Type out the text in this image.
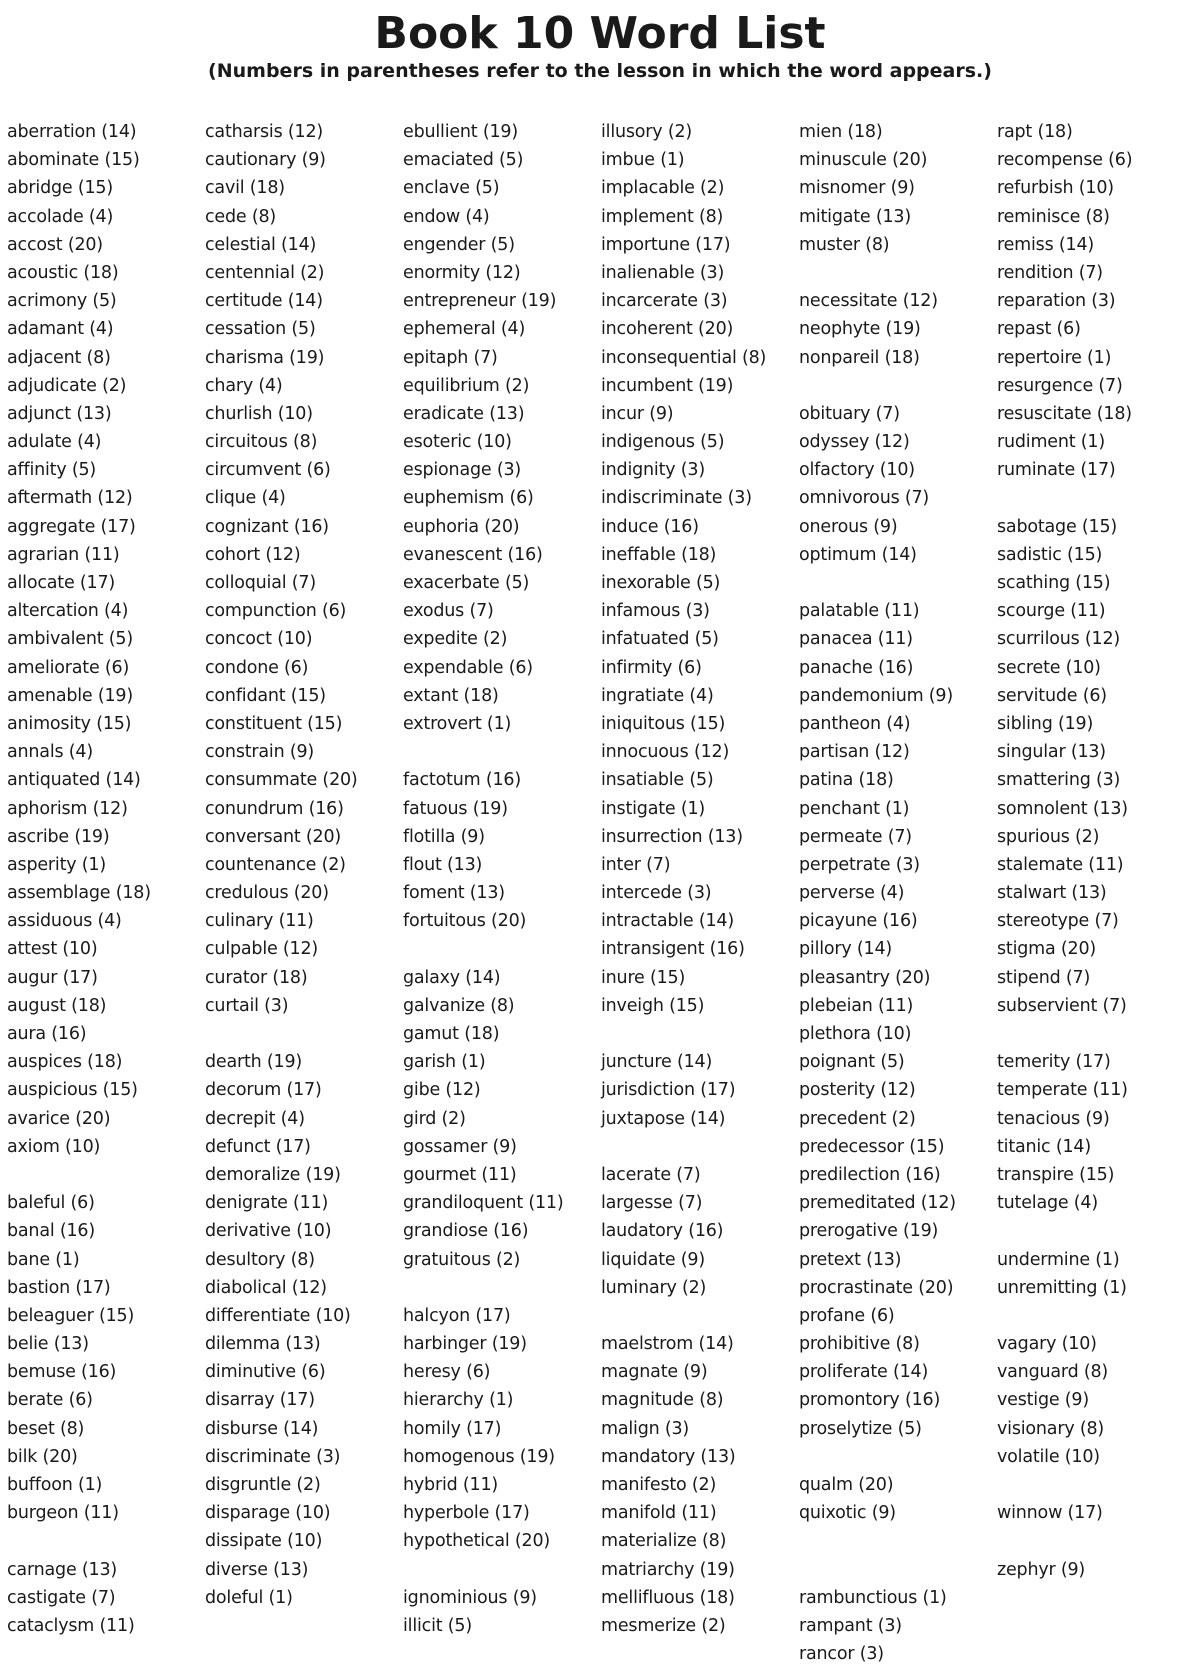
Book 10 Word List
(Numbers in parentheses refer to the lesson in which the word appears.)
aberration (14)
abominate (15)
abridge (15)
accolade (4)
accost (20)
acoustic (18)
acrimony (5)
adamant (4)
adjacent (8)
adjudicate (2)
adjunct (13)
adulate (4)
affinity (5)
aftermath (12)
aggregate (17)
agrarian (11)
allocate (17)
altercation (4)
ambivalent (5)
ameliorate (6)
amenable (19)
animosity (15)
annals (4)
antiquated (14)
aphorism (12)
ascribe (19)
asperity (1)
assemblage (18)
assiduous (4)
attest (10)
augur (17)
august (18)
aura (16)
auspices (18)
auspicious (15)
avarice (20)
axiom (10)
baleful (6)
banal (16)
bane (1)
bastion (17)
beleaguer (15)
belie (13)
bemuse (16)
berate (6)
beset (8)
bilk (20)
buffoon (1)
burgeon (11)
carnage (13)
castigate (7)
cataclysm (11)
catharsis (12)
cautionary (9)
cavil (18)
cede (8)
celestial (14)
centennial (2)
certitude (14)
cessation (5)
charisma (19)
chary (4)
churlish (10)
circuitous (8)
circumvent (6)
clique (4)
cognizant (16)
cohort (12)
colloquial (7)
compunction (6)
concoct (10)
condone (6)
confidant (15)
constituent (15)
constrain (9)
consummate (20)
conundrum (16)
conversant (20)
countenance (2)
credulous (20)
culinary (11)
culpable (12)
curator (18)
curtail (3)
dearth (19)
decorum (17)
decrepit (4)
defunct (17)
demoralize (19)
denigrate (11)
derivative (10)
desultory (8)
diabolical (12)
differentiate (10)
dilemma (13)
diminutive (6)
disarray (17)
disburse (14)
discriminate (3)
disgruntle (2)
disparage (10)
dissipate (10)
diverse (13)
doleful (1)
ebullient (19)
emaciated (5)
enclave (5)
endow (4)
engender (5)
enormity (12)
entrepreneur (19)
ephemeral (4)
epitaph (7)
equilibrium (2)
eradicate (13)
esoteric (10)
espionage (3)
euphemism (6)
euphoria (20)
evanescent (16)
exacerbate (5)
exodus (7)
expedite (2)
expendable (6)
extant (18)
extrovert (1)
factotum (16)
fatuous (19)
flotilla (9)
flout (13)
foment (13)
fortuitous (20)
galaxy (14)
galvanize (8)
gamut (18)
garish (1)
gibe (12)
gird (2)
gossamer (9)
gourmet (11)
grandiloquent (11)
grandiose (16)
gratuitous (2)
halcyon (17)
harbinger (19)
heresy (6)
hierarchy (1)
homily (17)
homogenous (19)
hybrid (11)
hyperbole (17)
hypothetical (20)
ignominious (9)
illicit (5)
illusory (2)
imbue (1)
implacable (2)
implement (8)
importune (17)
inalienable (3)
incarcerate (3)
incoherent (20)
inconsequential (8)
incumbent (19)
incur (9)
indigenous (5)
indignity (3)
indiscriminate (3)
induce (16)
ineffable (18)
inexorable (5)
infamous (3)
infatuated (5)
infirmity (6)
ingratiate (4)
iniquitous (15)
innocuous (12)
insatiable (5)
instigate (1)
insurrection (13)
inter (7)
intercede (3)
intractable (14)
intransigent (16)
inure (15)
inveigh (15)
juncture (14)
jurisdiction (17)
juxtapose (14)
lacerate (7)
largesse (7)
laudatory (16)
liquidate (9)
luminary (2)
maelstrom (14)
magnate (9)
magnitude (8)
malign (3)
mandatory (13)
manifesto (2)
manifold (11)
materialize (8)
matriarchy (19)
mellifluous (18)
mesmerize (2)
mien (18)
minuscule (20)
misnomer (9)
mitigate (13)
muster (8)
necessitate (12)
neophyte (19)
nonpareil (18)
obituary (7)
odyssey (12)
olfactory (10)
omnivorous (7)
onerous (9)
optimum (14)
palatable (11)
panacea (11)
panache (16)
pandemonium (9)
pantheon (4)
partisan (12)
patina (18)
penchant (1)
permeate (7)
perpetrate (3)
perverse (4)
picayune (16)
pillory (14)
pleasantry (20)
plebeian (11)
plethora (10)
poignant (5)
posterity (12)
precedent (2)
predecessor (15)
predilection (16)
premeditated (12)
prerogative (19)
pretext (13)
procrastinate (20)
profane (6)
prohibitive (8)
proliferate (14)
promontory (16)
proselytize (5)
qualm (20)
quixotic (9)
rambunctious (1)
rampant (3)
rancor (3)
rapt (18)
recompense (6)
refurbish (10)
reminisce (8)
remiss (14)
rendition (7)
reparation (3)
repast (6)
repertoire (1)
resurgence (7)
resuscitate (18)
rudiment (1)
ruminate (17)
sabotage (15)
sadistic (15)
scathing (15)
scourge (11)
scurrilous (12)
secrete (10)
servitude (6)
sibling (19)
singular (13)
smattering (3)
somnolent (13)
spurious (2)
stalemate (11)
stalwart (13)
stereotype (7)
stigma (20)
stipend (7)
subservient (7)
temerity (17)
temperate (11)
tenacious (9)
titanic (14)
transpire (15)
tutelage (4)
undermine (1)
unremitting (1)
vagary (10)
vanguard (8)
vestige (9)
visionary (8)
volatile (10)
winnow (17)
zephyr (9)
